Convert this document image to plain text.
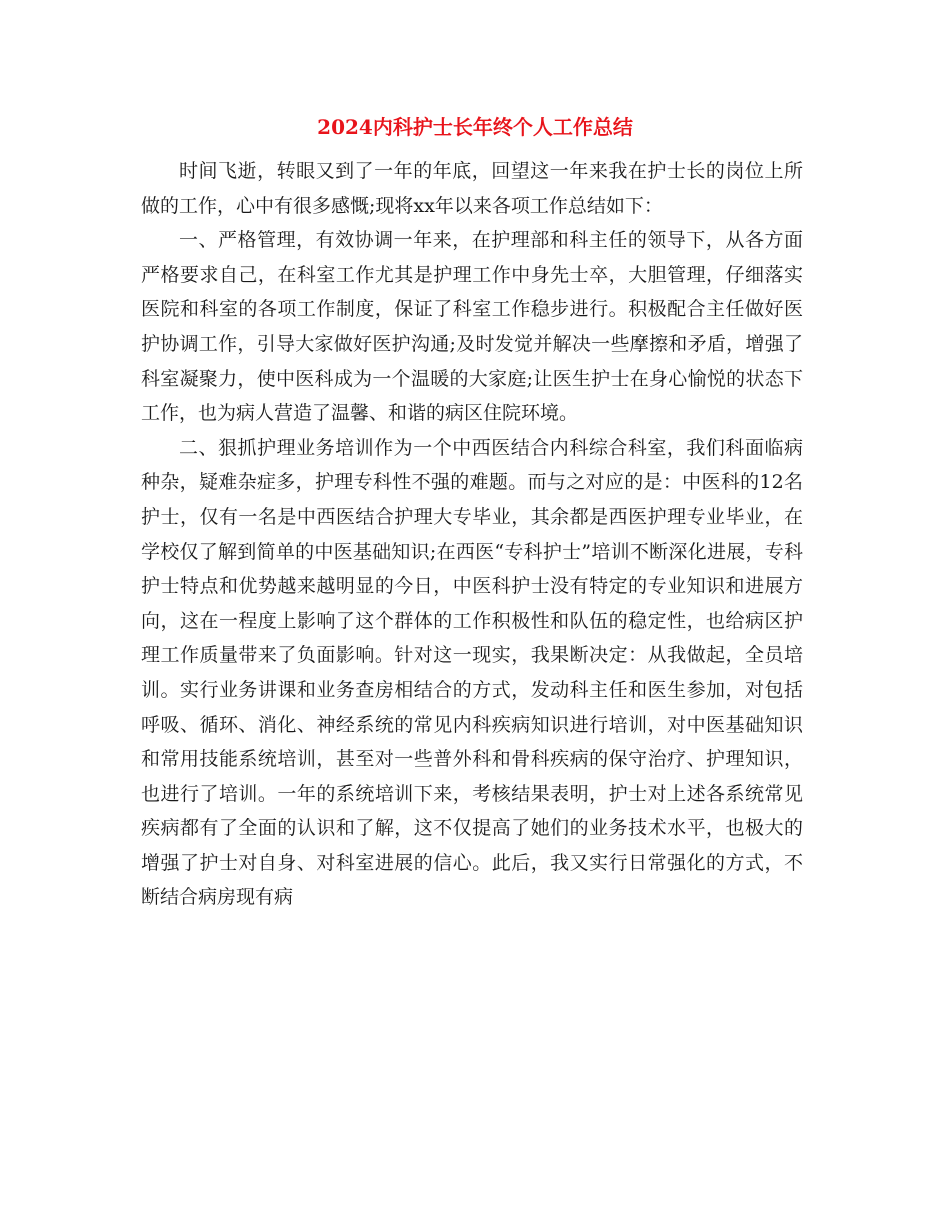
2024内科护士长年终个人工作总结

时间飞逝，转眼又到了一年的年底，回望这一年来我在护士长的岗位上所做的工作，心中有很多感慨;现将xx年以来各项工作总结如下：

一、严格管理，有效协调一年来，在护理部和科主任的领导下，从各方面严格要求自己，在科室工作尤其是护理工作中身先士卒，大胆管理，仔细落实医院和科室的各项工作制度，保证了科室工作稳步进行。积极配合主任做好医护协调工作，引导大家做好医护沟通;及时发觉并解决一些摩擦和矛盾，增强了科室凝聚力，使中医科成为一个温暖的大家庭;让医生护士在身心愉悦的状态下工作，也为病人营造了温馨、和谐的病区住院环境。

二、狠抓护理业务培训作为一个中西医结合内科综合科室，我们科面临病种杂，疑难杂症多，护理专科性不强的难题。而与之对应的是：中医科的12名护士，仅有一名是中西医结合护理大专毕业，其余都是西医护理专业毕业，在学校仅了解到简单的中医基础知识;在西医“专科护士”培训不断深化进展，专科护士特点和优势越来越明显的今日，中医科护士没有特定的专业知识和进展方向，这在一程度上影响了这个群体的工作积极性和队伍的稳定性，也给病区护理工作质量带来了负面影响。针对这一现实，我果断决定：从我做起，全员培训。实行业务讲课和业务查房相结合的方式，发动科主任和医生参加，对包括呼吸、循环、消化、神经系统的常见内科疾病知识进行培训，对中医基础知识和常用技能系统培训，甚至对一些普外科和骨科疾病的保守治疗、护理知识，也进行了培训。一年的系统培训下来，考核结果表明，护士对上述各系统常见疾病都有了全面的认识和了解，这不仅提高了她们的业务技术水平，也极大的增强了护士对自身、对科室进展的信心。此后，我又实行日常强化的方式，不断结合病房现有病
